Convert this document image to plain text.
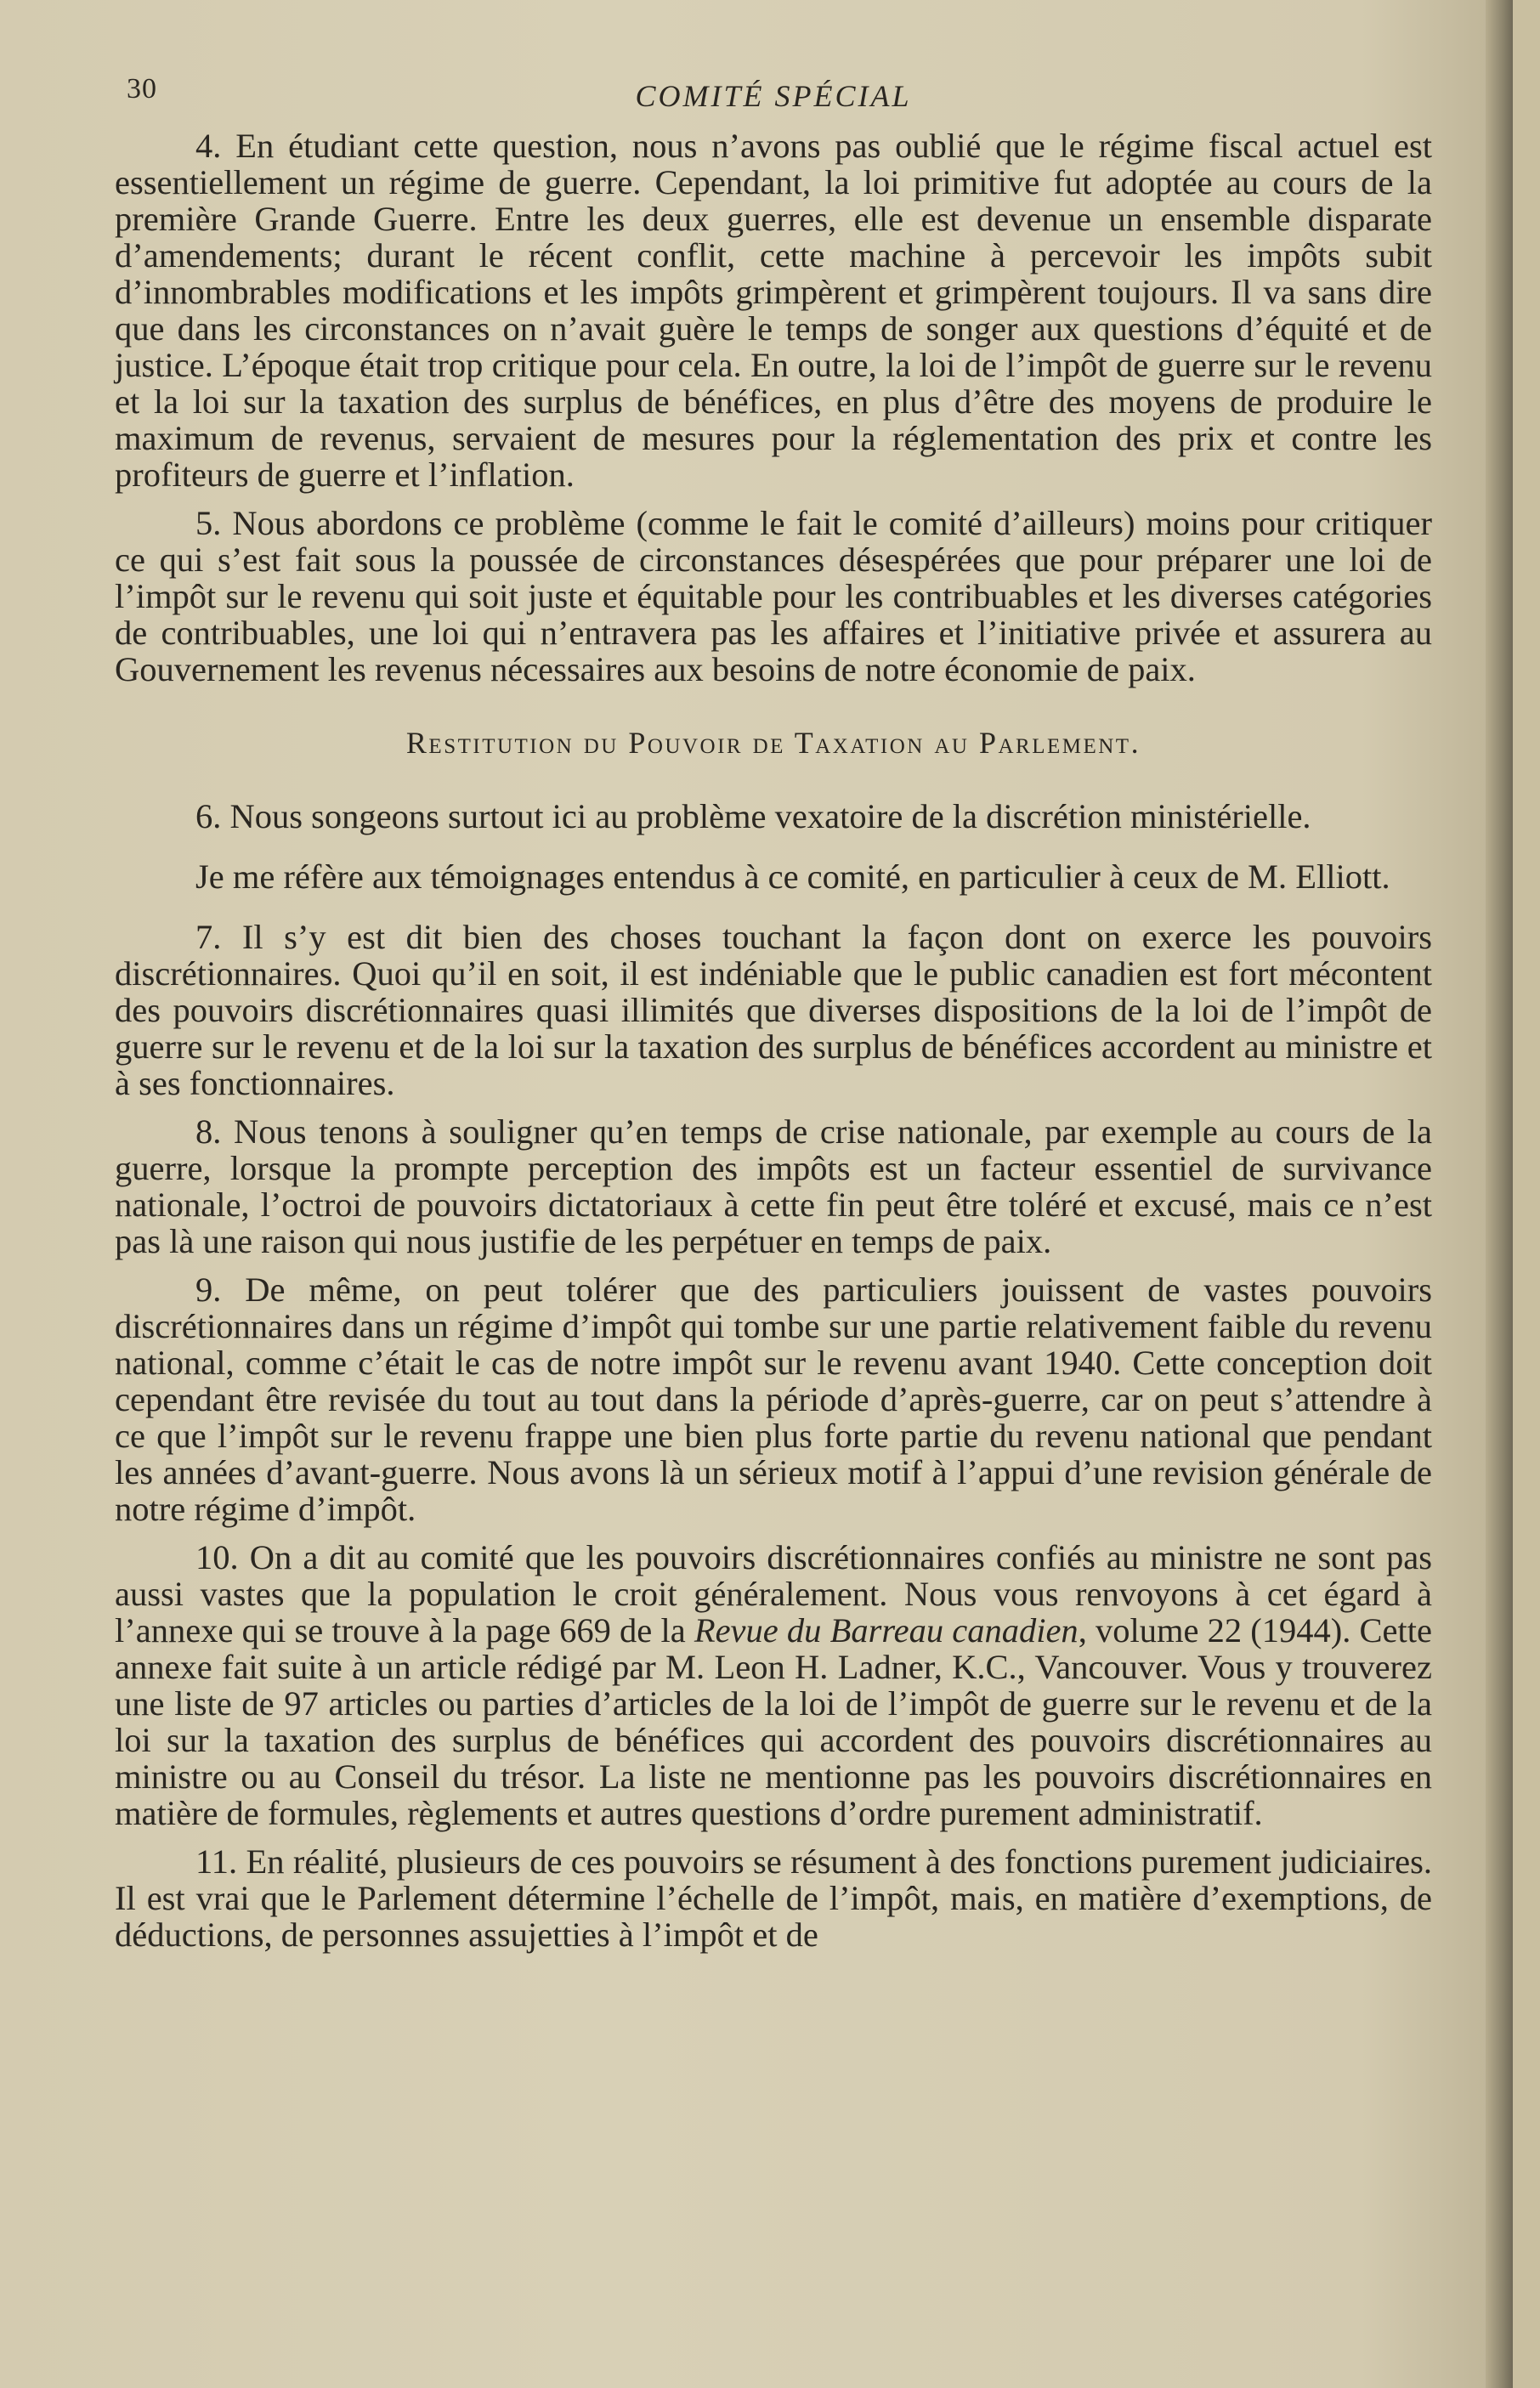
30	COMITÉ SPÉCIAL

4. En étudiant cette question, nous n’avons pas oublié que le régime fiscal actuel est essentiellement un régime de guerre. Cependant, la loi primitive fut adoptée au cours de la première Grande Guerre. Entre les deux guerres, elle est devenue un ensemble disparate d’amendements; durant le récent conflit, cette machine à percevoir les impôts subit d’innombrables modifications et les impôts grimpèrent et grimpèrent toujours. Il va sans dire que dans les circonstances on n’avait guère le temps de songer aux questions d’équité et de justice. L’époque était trop critique pour cela. En outre, la loi de l’impôt de guerre sur le revenu et la loi sur la taxation des surplus de bénéfices, en plus d’être des moyens de produire le maximum de revenus, servaient de mesures pour la réglementation des prix et contre les profiteurs de guerre et l’inflation.

5. Nous abordons ce problème (comme le fait le comité d’ailleurs) moins pour critiquer ce qui s’est fait sous la poussée de circonstances désespérées que pour préparer une loi de l’impôt sur le revenu qui soit juste et équitable pour les contribuables et les diverses catégories de contribuables, une loi qui n’entravera pas les affaires et l’initiative privée et assurera au Gouvernement les revenus nécessaires aux besoins de notre économie de paix.

Restitution du Pouvoir de Taxation au Parlement.

6. Nous songeons surtout ici au problème vexatoire de la discrétion ministérielle.

Je me réfère aux témoignages entendus à ce comité, en particulier à ceux de M. Elliott.

7. Il s’y est dit bien des choses touchant la façon dont on exerce les pouvoirs discrétionnaires. Quoi qu’il en soit, il est indéniable que le public canadien est fort mécontent des pouvoirs discrétionnaires quasi illimités que diverses dispositions de la loi de l’impôt de guerre sur le revenu et de la loi sur la taxation des surplus de bénéfices accordent au ministre et à ses fonctionnaires.

8. Nous tenons à souligner qu’en temps de crise nationale, par exemple au cours de la guerre, lorsque la prompte perception des impôts est un facteur essentiel de survivance nationale, l’octroi de pouvoirs dictatoriaux à cette fin peut être toléré et excusé, mais ce n’est pas là une raison qui nous justifie de les perpétuer en temps de paix.

9. De même, on peut tolérer que des particuliers jouissent de vastes pouvoirs discrétionnaires dans un régime d’impôt qui tombe sur une partie relativement faible du revenu national, comme c’était le cas de notre impôt sur le revenu avant 1940. Cette conception doit cependant être revisée du tout au tout dans la période d’après-guerre, car on peut s’attendre à ce que l’impôt sur le revenu frappe une bien plus forte partie du revenu national que pendant les années d’avant-guerre. Nous avons là un sérieux motif à l’appui d’une revision générale de notre régime d’impôt.

10. On a dit au comité que les pouvoirs discrétionnaires confiés au ministre ne sont pas aussi vastes que la population le croit généralement. Nous vous renvoyons à cet égard à l’annexe qui se trouve à la page 669 de la Revue du Barreau canadien, volume 22 (1944). Cette annexe fait suite à un article rédigé par M. Leon H. Ladner, K.C., Vancouver. Vous y trouverez une liste de 97 articles ou parties d’articles de la loi de l’impôt de guerre sur le revenu et de la loi sur la taxation des surplus de bénéfices qui accordent des pouvoirs discrétionnaires au ministre ou au Conseil du trésor. La liste ne mentionne pas les pouvoirs discrétionnaires en matière de formules, règlements et autres questions d’ordre purement administratif.

11. En réalité, plusieurs de ces pouvoirs se résument à des fonctions purement judiciaires. Il est vrai que le Parlement détermine l’échelle de l’impôt, mais, en matière d’exemptions, de déductions, de personnes assujetties à l’impôt et de
